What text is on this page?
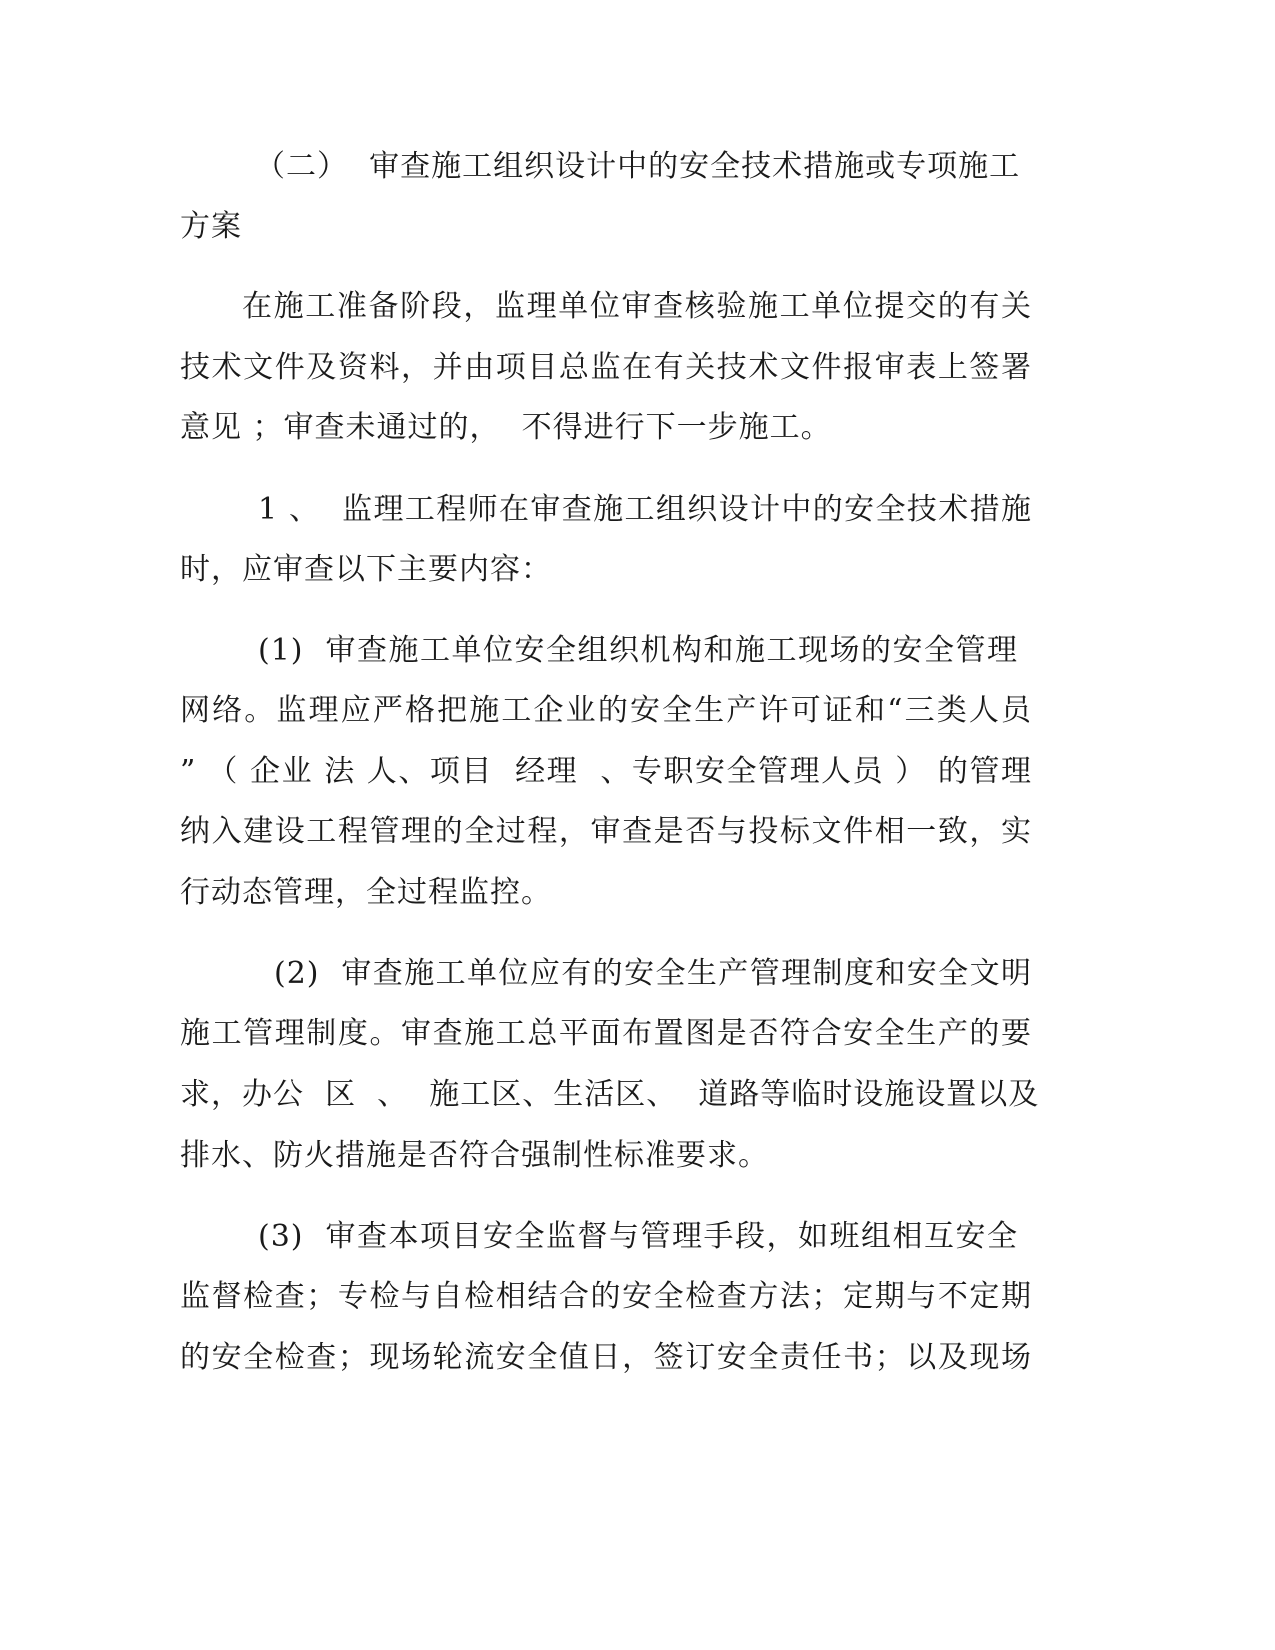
（二）  审查施工组织设计中的安全技术措施或专项施工
方案
在施工准备阶段，监理单位审查核验施工单位提交的有关
技术文件及资料，并由项目总监在有关技术文件报审表上签署
意见 ；审查未通过的，  不得进行下一步施工。
1 、  监理工程师在审查施工组织设计中的安全技术措施
时，应审查以下主要内容：
(1)  审查施工单位安全组织机构和施工现场的安全管理
网络。监理应严格把施工企业的安全生产许可证和“三类人员
” （ 企业 法 人、项目  经理  、专职安全管理人员 ） 的管理
纳入建设工程管理的全过程，审查是否与投标文件相一致，实
行动态管理，全过程监控。
(2)  审查施工单位应有的安全生产管理制度和安全文明
施工管理制度。审查施工总平面布置图是否符合安全生产的要
求，办公  区  、  施工区、生活区、  道路等临时设施设置以及
排水、防火措施是否符合强制性标准要求。
(3)  审查本项目安全监督与管理手段，如班组相互安全
监督检查；专检与自检相结合的安全检查方法；定期与不定期
的安全检查；现场轮流安全值日，签订安全责任书；以及现场
